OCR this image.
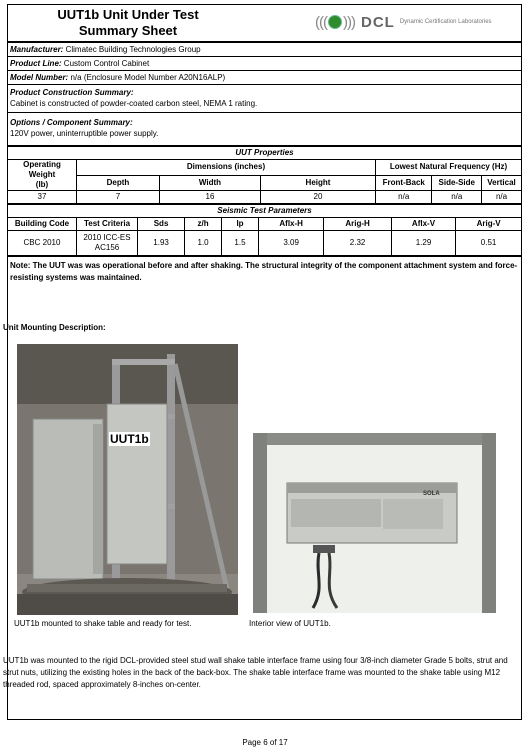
UUT1b Unit Under Test
Summary Sheet	((( ))) DCL Dynamic Certification Laboratories
Manufacturer: Climatec Building Technologies Group
Product Line: Custom Control Cabinet
Model Number: n/a (Enclosure Model Number A20N16ALP)
Product Construction Summary:
Cabinet is constructed of powder-coated carbon steel, NEMA 1 rating.
Options / Component Summary:
120V power, uninterruptible power supply.
UUT Properties						

Operating Weight
(lb)	Dimensions (inches)			Lowest Natural Frequency (Hz)		
	Depth	Width	Height	Front-Back	Side-Side	Vertical
37	7	16	20	n/a	n/a	n/a
Seismic Test Parameters								
Building Code	Test Criteria	Sds	z/h	Ip	Aflx-H	Arig-H	Aflx-V	Arig-V
CBC 2010	2010 ICC-ES
AC156	1.93	1.0	1.5	3.09	2.32	1.29	0.51
Note: The UUT was was operational before and after shaking. The structural integrity of the component attachment system and force-resisting systems was maintained.
Unit Mounting Description:
UUT1b
SOLA
UUT1b mounted to shake table and ready for test.	Interior view of UUT1b.
UUT1b was mounted to the rigid DCL-provided steel stud wall shake table interface frame using four 3/8-inch diameter Grade 5 bolts, strut and strut nuts, utilizing the existing holes in the back of the back-box. The shake table interface frame was mounted to the shake table using M12 threaded rod, spaced approximately 8-inches on-center.
Page 6 of 17
